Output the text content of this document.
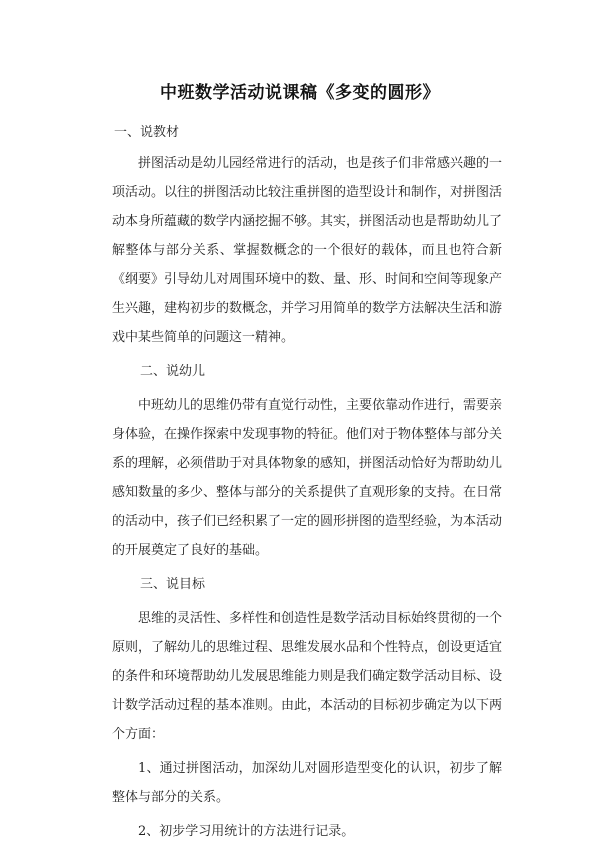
中班数学活动说课稿《多变的圆形》

一、说教材

拼图活动是幼儿园经常进行的活动，也是孩子们非常感兴趣的一项活动。以往的拼图活动比较注重拼图的造型设计和制作，对拼图活动本身所蕴藏的数学内涵挖掘不够。其实，拼图活动也是帮助幼儿了解整体与部分关系、掌握数概念的一个很好的载体，而且也符合新《纲要》引导幼儿对周围环境中的数、量、形、时间和空间等现象产生兴趣，建构初步的数概念，并学习用简单的数学方法解决生活和游戏中某些简单的问题这一精神。

二、说幼儿

中班幼儿的思维仍带有直觉行动性，主要依靠动作进行，需要亲身体验，在操作探索中发现事物的特征。他们对于物体整体与部分关系的理解，必须借助于对具体物象的感知，拼图活动恰好为帮助幼儿感知数量的多少、整体与部分的关系提供了直观形象的支持。在日常的活动中，孩子们已经积累了一定的圆形拼图的造型经验，为本活动的开展奠定了良好的基础。

三、说目标

思维的灵活性、多样性和创造性是数学活动目标始终贯彻的一个原则，了解幼儿的思维过程、思维发展水品和个性特点，创设更适宜的条件和环境帮助幼儿发展思维能力则是我们确定数学活动目标、设计数学活动过程的基本准则。由此，本活动的目标初步确定为以下两个方面：

1、通过拼图活动，加深幼儿对圆形造型变化的认识，初步了解整体与部分的关系。

2、初步学习用统计的方法进行记录。
